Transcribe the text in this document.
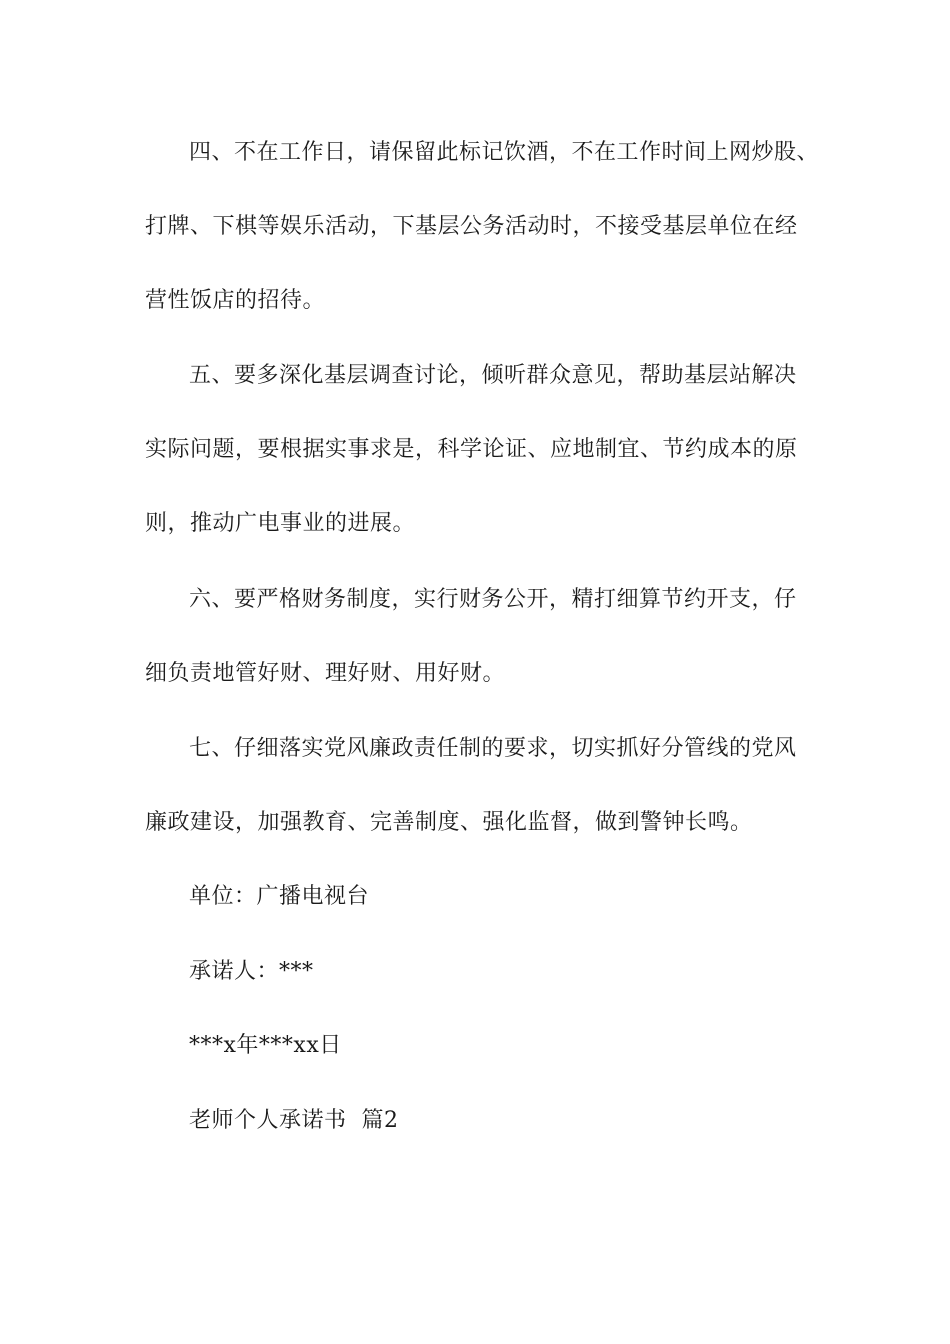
四、不在工作日，请保留此标记饮酒，不在工作时间上网炒股、
打牌、下棋等娱乐活动，下基层公务活动时，不接受基层单位在经
营性饭店的招待。
五、要多深化基层调查讨论，倾听群众意见，帮助基层站解决
实际问题，要根据实事求是，科学论证、应地制宜、节约成本的原
则，推动广电事业的进展。
六、要严格财务制度，实行财务公开，精打细算节约开支，仔
细负责地管好财、理好财、用好财。
七、仔细落实党风廉政责任制的要求，切实抓好分管线的党风
廉政建设，加强教育、完善制度、强化监督，做到警钟长鸣。
单位：广播电视台
承诺人：***
***x年***xx日
老师个人承诺书  篇2
